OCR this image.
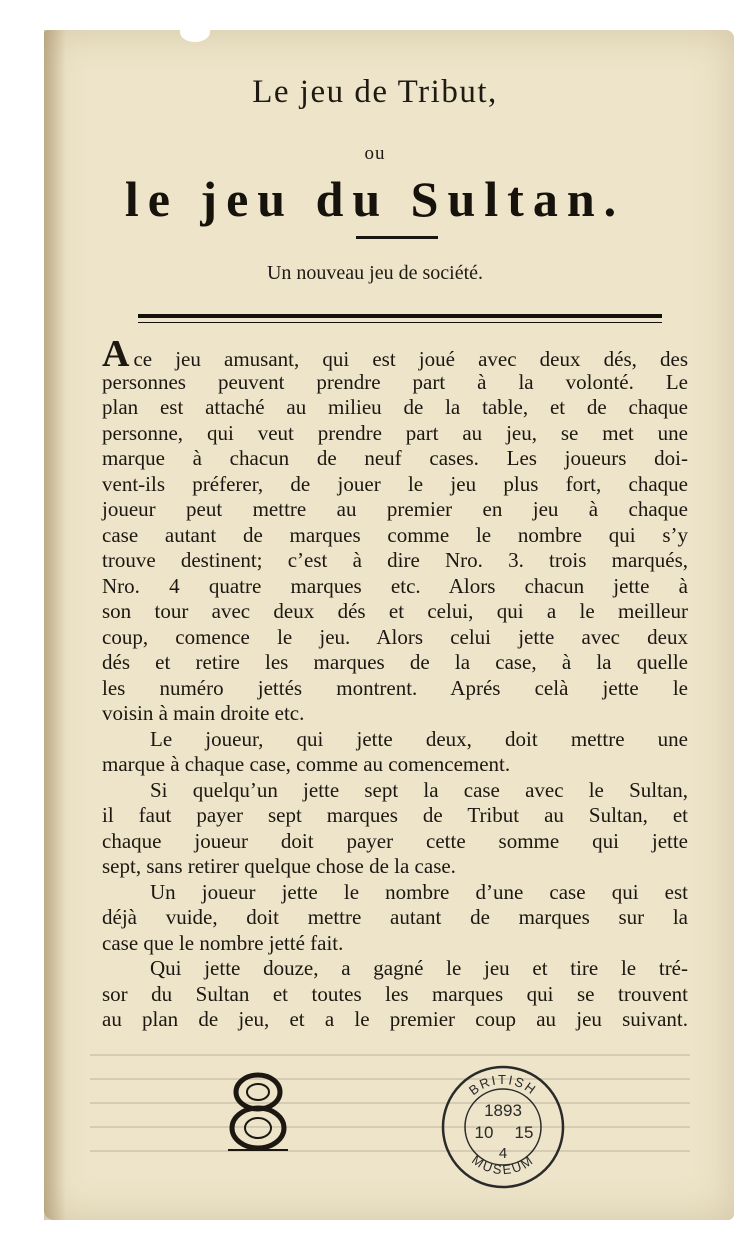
Le jeu de Tribut,
ou
le jeu du Sultan.
Un nouveau jeu de société.
Ace jeu amusant, qui est joué avec deux dés, des
personnes peuvent prendre part à la volonté. Le
plan est attaché au milieu de la table, et de chaque
personne, qui veut prendre part au jeu, se met une
marque à chacun de neuf cases. Les joueurs doi-
vent-ils préferer, de jouer le jeu plus fort, chaque
joueur peut mettre au premier en jeu à chaque
case autant de marques comme le nombre qui s’y
trouve destinent; c’est à dire Nro. 3. trois marqués,
Nro. 4 quatre marques etc. Alors chacun jette à
son tour avec deux dés et celui, qui a le meilleur
coup, comence le jeu. Alors celui jette avec deux
dés et retire les marques de la case, à la quelle
les numéro jettés montrent. Aprés celà jette le
voisin à main droite etc.
Le joueur, qui jette deux, doit mettre une
marque à chaque case, comme au comencement.
Si quelqu’un jette sept la case avec le Sultan,
il faut payer sept marques de Tribut au Sultan, et
chaque joueur doit payer cette somme qui jette
sept, sans retirer quelque chose de la case.
Un joueur jette le nombre d’une case qui est
déjà vuide, doit mettre autant de marques sur la
case que le nombre jetté fait.
Qui jette douze, a gagné le jeu et tire le tré-
sor du Sultan et toutes les marques qui se trouvent
au plan de jeu, et a le premier coup au jeu suivant.
BRITISH
MUSEUM
1893
10 15
4
